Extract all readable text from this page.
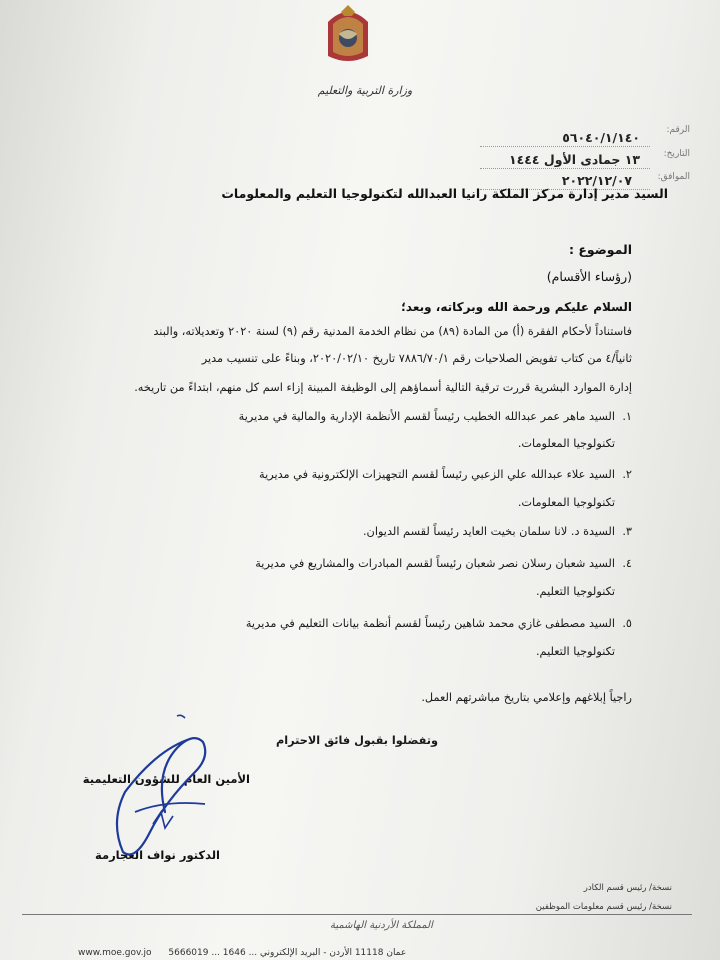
وزارة التربية والتعليم
الرقم:
٥٦٠٤٠/١/١٤٠
التاريخ:
١٣ جمادى الأول ١٤٤٤
الموافق:
٢٠٢٢/١٢/٠٧
السيد مدير إدارة مركز الملكة رانيا العبدالله لتكنولوجيا التعليم والمعلومات
الموضوع :
(رؤساء الأقسام)
السلام عليكم ورحمة الله وبركاته، وبعد؛
فاستناداً لأحكام الفقرة (أ) من المادة (٨٩) من نظام الخدمة المدنية رقم (٩) لسنة ٢٠٢٠ وتعديلاته، والبند
ثانياً/٤ من كتاب تفويض الصلاحيات رقم ٧٨٨٦/٧٠/١ تاريخ ٢٠٢٠/٠٢/١٠، وبناءً على تنسيب مدير
إدارة الموارد البشرية قررت ترقية التالية أسماؤهم إلى الوظيفة المبينة إزاء اسم كل منهم، ابتداءً من تاريخه.
١.
السيد ماهر عمر عبدالله الخطيب رئيساً لقسم الأنظمة الإدارية والمالية في مديرية
تكنولوجيا المعلومات.
٢.
السيد علاء عبدالله علي الزعبي رئيساً لقسم التجهيزات الإلكترونية في مديرية
تكنولوجيا المعلومات.
٣.
السيدة د. لانا سلمان بخيت العايد رئيساً لقسم الديوان.
٤.
السيد شعبان رسلان نصر شعبان رئيساً لقسم المبادرات والمشاريع في مديرية
تكنولوجيا التعليم.
٥.
السيد مصطفى غازي محمد شاهين رئيساً لقسم أنظمة بيانات التعليم في مديرية
تكنولوجيا التعليم.
راجياً إبلاغهم وإعلامي بتاريخ مباشرتهم العمل.
وتفضلوا بقبول فائق الاحترام
الأمين العام للشؤون التعليمية
الدكتور نواف العجارمة
نسخة/ رئيس قسم الكادر
نسخة/ رئيس قسم معلومات الموظفين
المملكة الأردنية الهاشمية
www.moe.gov.jo عمان 11118 الأردن - البريد الإلكتروني ... 1646 ... 5666019
